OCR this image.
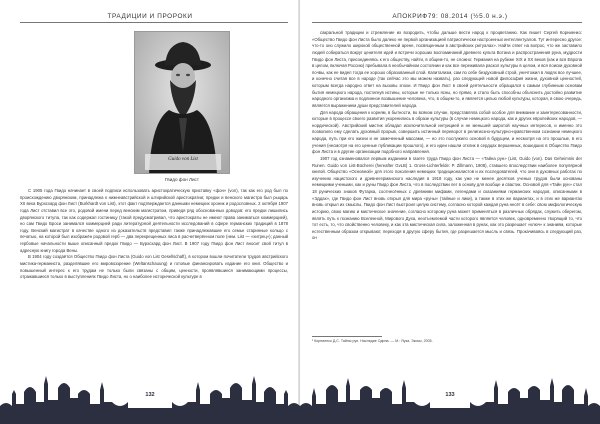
ТРАДИЦИИ И ПРОРОКИ
Guido von List
Гвидо фон Лист

С 1905 года Гвидо начинает в своей подписи использовать аристократическую приставку «фон» (von), так как его род был по происхождению дворянским, принадлежа к нижнеавстрийской и штирийской аристократии; предки и венского магистра был рыцарь XII века Бурхсхард фон Лист (Burkhardt von List), этот факт подтверждается данными немецких хроник и родословных. 2 октября 1907 года Лист отставил все это, родовой имени перед венским магистратом, приведя ряд обоснованных доводов: его предки лишились дворянского титула, так как содержал гостиницу (такой предусматривал, что аристократы не имеют права заниматься коммерцией), но сам Гвидо Броси занимался коммерцией ради литературной деятельности исследований в сфере германских традиций в 1878 году. Венский магистрат в качестве одного из доказательств представил также принадлежавшие его семье старинные кольцо с печатью, на которой был изображён родовой герб — два перекрещенных лиса в расчетверённом поле (нем. List — «хитрец»); данный гербовые начальности выше описанный предок Гвидо — Бурхсхард фон Лист. В 1907 году Гвидо фон Лист вносит свой титул в адресную книгу города Вены.

В 1904 году создаётся Общество Гвидо фон Листа (Guido von List Gesellschaft), в котором вошли почитатели трудов австрийского мистика-германиста, разделявшие его мировоззрение (Weltanschauung) и готовые финансировать издание его книг. Общество и повышенный интерес к его трудам не только были связаны с общим, ценности, проявлявшиеся занимающими процессы, отражавшиеся только в выступлениях Гвидо Листа, но о наиболее исторической культуре в

132
АПОКРИФ79: 08.2014 (½5.0 н.э.)

сакральной традиции и стремление их возродить, чтобы дальше вести народ к процветанию. Как пишет Сергей Корниенко: «Общество Гвидо фон Листа было далеко не первой организацией патриотически настроенных интеллектуалов. Тут интересно другое: что-то оно служило широкой общественной арене, посвященным в австрийских ритуалах». Найти ответ на вопрос, что же заставило людей собираться вокруг ценителя идей и встречи хороших воспоминаний древнего культа Вотана и распространения руна, мудрости Гвидо фон Листа, присоединяясь к его обществу, найти, в общем-то, не сложно: Германия на рубеже XIX и XX веков (как и вся Европа в целом, включая Россию) пребывала в необычайном состоянии и как все переживала раскол культуры в целом, и вся поиски духовной почвы, как ее видел тогда ее хорошо образованный слой. Капитализм, сам по себе бездуховный строй, уничтожил в людях все лучшее, и конечно считая все в народе (так сейчас это мы можем назвать), раз следующей новой философия жизни, духовной ценностей, которым всегда народно ответ на вызовы эпохи. И Гвидо фон Лист в своей деятельности обращался к самым глубинным основам бытия немецкого народа, постигнув истины, которые не только ясны, но прямо, и стало быть способны объяснить достойно развитие народного организма и подлинное возвышение человека, что, в общем-то, и является целью любой культуры, которая, в свою очередь, является выражением души представителей народа.

Для народа обращения к корням, в бытности, во всяком случае, представляла собой особое для внимание и заинтересованности, которые в процессе своего развития укоренились в образе культуры (в случае немецкого народа, как и других европейских народов, — нордической). Австрийский мистик обладал исключительной интуицией и не меньшей широтой научных интересов, и именно это позволило ему сделать духовный прорыв, совершить истинный переворот в религиозно-культурно-нравственном сознании немецкого народа, путь при его жизни и не замеченный массами, — но это послужило основой в будущем, и несмотря на это прошлые, в его учения (несмотря на его ценные публикации прошлого), и его идеи нашли отклик в сердцах вершинных, вошедших в Общество Гвидо фон Листа и в другие организации подобного направления.

1907 год ознаменовался первым изданием в газете труда Гвидо фон Листа — «Тайна рун» (List, Guido (von). Das Geheimnis der Runen. Guido von List-Bücherei (hereafter GvLB) 1. Gross-Lichterfelde: P. Zillmann, 1908), ставшего впоследствии наиболее популярной книгой. Общество «Основной» для этого поколения немецких традиционалистов и их последователей, что они в духовных работах по изучению нацистского и древнегерманского наследия в 1918 году, как уже не менее десятков ученых трудов были основаны немецкими учеными, как и руны Гвидо фон Листа, что в последствии лег в основу для вообще и свастик. Основой для «Тайн рун» стал 18 рунических знаков Футарка, соотнесённых с древними мифами, легендами и сказаниями германских народов, описанными в «Эддах», где Гвидо фон Лист вновь открыл для мира «руны» (тайные и лики), а также в этих же вариантах, и в этих же вариантах вновь открыл их смыслы. Гвидо фон Лист выстроил целую систему, согласно которой каждая руна несёт в себе: свою мифологическую историю, свою магию и мистическое значение, согласно которому руна может применяться в различных обрядах, служить оберегом, являть путь к познанию Вселенной, Мирового Духа, неотъемлемой части которого является человек, одновременно творящий то, что тот есть, то, что свойственно человеку, и как эта мистическая сила, заложенная в рунах, как это разрешает «ключ» к знаниям, которые естественным образом открывают, переходя в другую сферу бытия, где разрешается мысль и связь. Прокачиваясь в следующий раз, он

¹ Корниенко Д.С. Тайны рун. Наследие Одина. — М.: Яуза, Эксмо, 2005.
133
